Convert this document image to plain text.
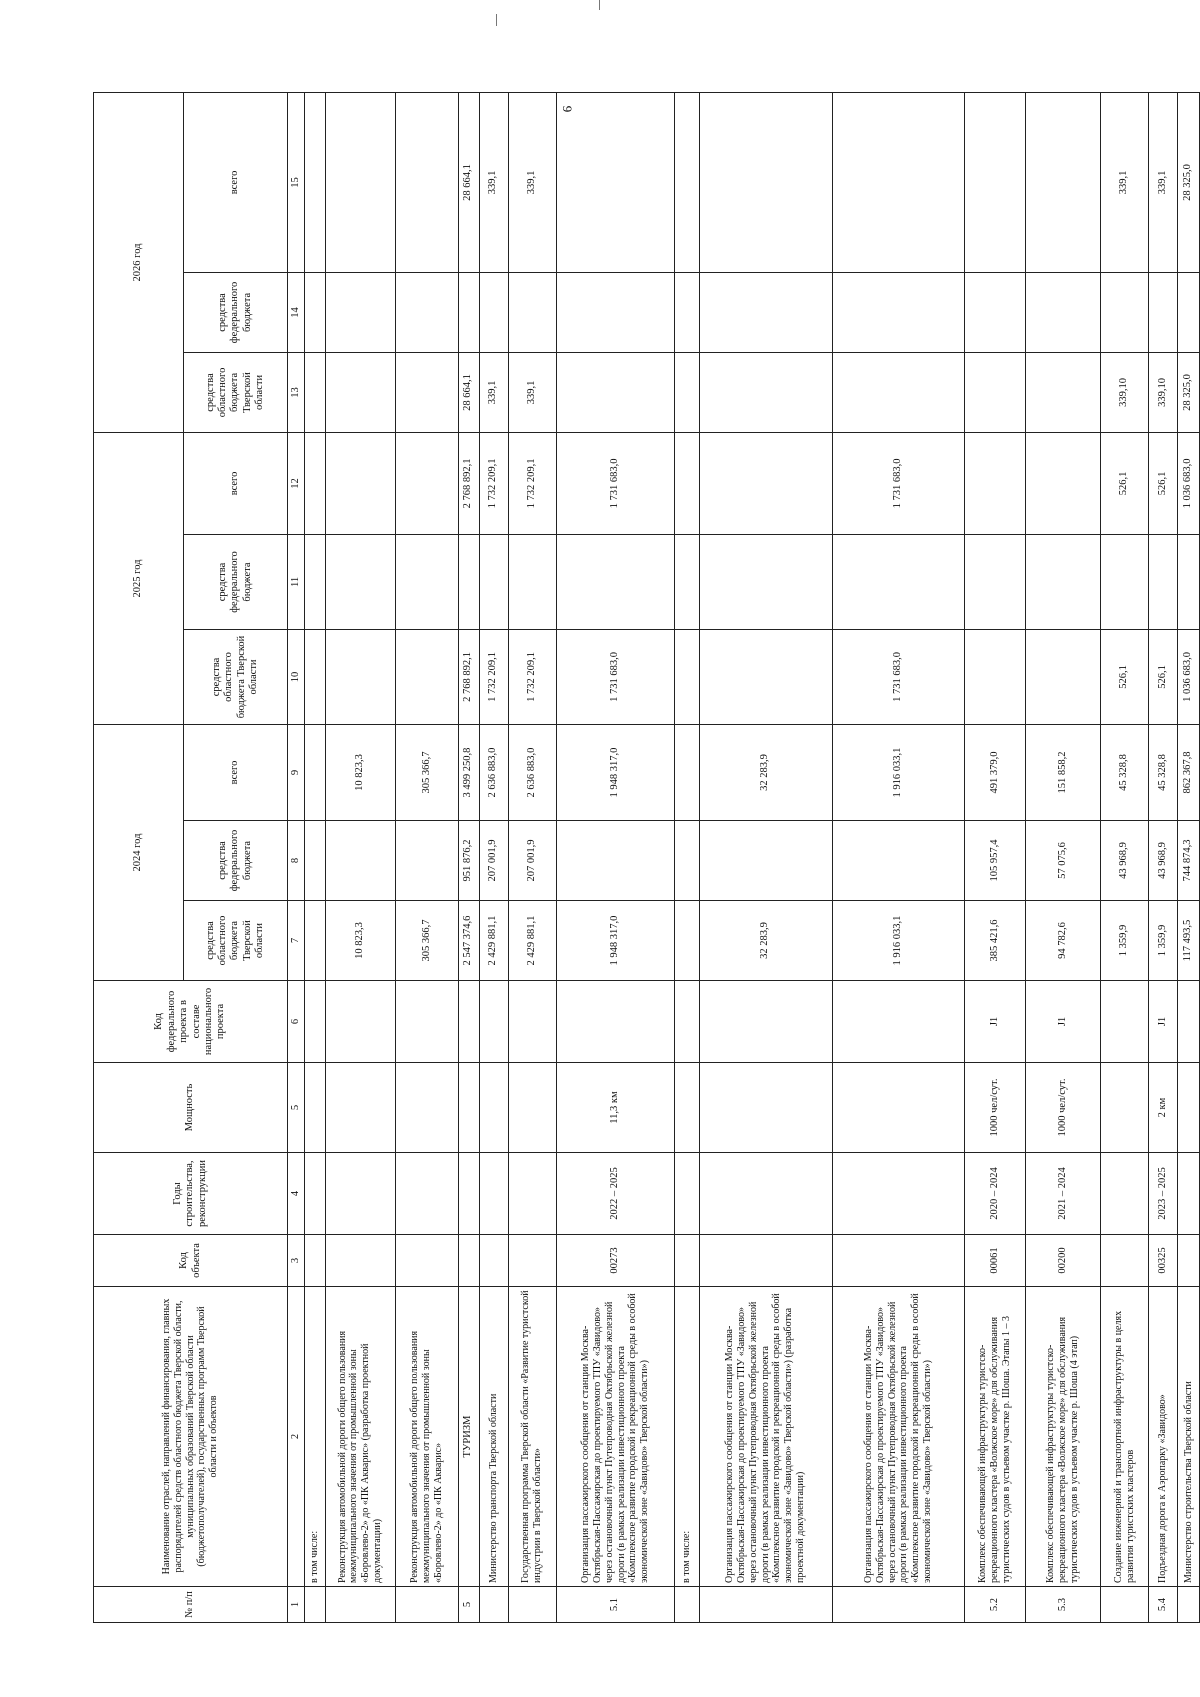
9
№ п/п	Наименование отраслей, направлений финансирования, главных распорядителей средств областного бюджета Тверской области, муниципальных образований Тверской области (бюджетополучателей), государственных программ Тверской области и объектов	Код объекта	Годы строительства, реконструкции	Мощность	Код федерального проекта в составе национального проекта	2024 год			2025 год			2026 год		
						средства областного бюджета Тверской области	средства федерального бюджета	всего	средства областного бюджета Тверской области	средства федерального бюджета	всего	средства областного бюджета Тверской области	средства федерального бюджета	всего
1	2	3	4	5	6	7	8	9	10	11	12	13	14	15
	в том числе:													
	Реконструкция автомобильной дороги общего пользования межмуниципального значения от промышленной зоны «Боровлево-2» до «ПК Акварис» (разработка проектной документации)					10 823,3		10 823,3						
	Реконструкция автомобильной дороги общего пользования межмуниципального значения от промышленной зоны «Боровлево-2» до «ПК Акварис»					305 366,7		305 366,7						
5	ТУРИЗМ					2 547 374,6	951 876,2	3 499 250,8	2 768 892,1		2 768 892,1	28 664,1		28 664,1
	Министерство транспорта Тверской области					2 429 881,1	207 001,9	2 636 883,0	1 732 209,1		1 732 209,1	339,1		339,1
	Государственная программа Тверской области «Развитие туристской индустрии в Тверской области»					2 429 881,1	207 001,9	2 636 883,0	1 732 209,1		1 732 209,1	339,1		339,1
5.1	Организация пассажирского сообщения от станции Москва-Октябрьская-Пассажирская до проектируемого ТПУ «Завидово» через остановочный пункт Путепроводная Октябрьской железной дороги (в рамках реализации инвестиционного проекта «Комплексное развитие городской и рекреационной среды в особой экономической зоне «Завидово» Тверской области»)	00273	2022 – 2025	11,3 км		1 948 317,0		1 948 317,0	1 731 683,0		1 731 683,0			
	в том числе:													
	Организация пассажирского сообщения от станции Москва-Октябрьская-Пассажирская до проектируемого ТПУ «Завидово» через остановочный пункт Путепроводная Октябрьской железной дороги (в рамках реализации инвестиционного проекта «Комплексное развитие городской и рекреационной среды в особой экономической зоне «Завидово» Тверской области») (разработка проектной документации)					32 283,9		32 283,9						
	Организация пассажирского сообщения от станции Москва-Октябрьская-Пассажирская до проектируемого ТПУ «Завидово» через остановочный пункт Путепроводная Октябрьской железной дороги (в рамках реализации инвестиционного проекта «Комплексное развитие городской и рекреационной среды в особой экономической зоне «Завидово» Тверской области»)					1 916 033,1		1 916 033,1	1 731 683,0		1 731 683,0			
5.2	Комплекс обеспечивающей инфраструктуры туристско-рекреационного кластера «Волжское море» для обслуживания туристических судов в устьевом участке р. Шоша. Этапы 1 – 3	00061	2020 – 2024	1000 чел/сут.	J1	385 421,6	105 957,4	491 379,0						
5.3	Комплекс обеспечивающей инфраструктуры туристско-рекреационного кластера «Волжское море» для обслуживания туристических судов в устьевом участке р. Шоша (4 этап)	00200	2021 – 2024	1000 чел/сут.	J1	94 782,6	57 075,6	151 858,2						
	Создание инженерной и транспортной инфраструктуры в целях развития туристских кластеров					1 359,9	43 968,9	45 328,8	526,1		526,1	339,10		339,1
5.4	Подъездная дорога к Аэропарку «Завидово»	00325	2023 – 2025	2 км	J1	1 359,9	43 968,9	45 328,8	526,1		526,1	339,10		339,1
	Министерство строительства Тверской области					117 493,5	744 874,3	862 367,8	1 036 683,0		1 036 683,0	28 325,0		28 325,0
